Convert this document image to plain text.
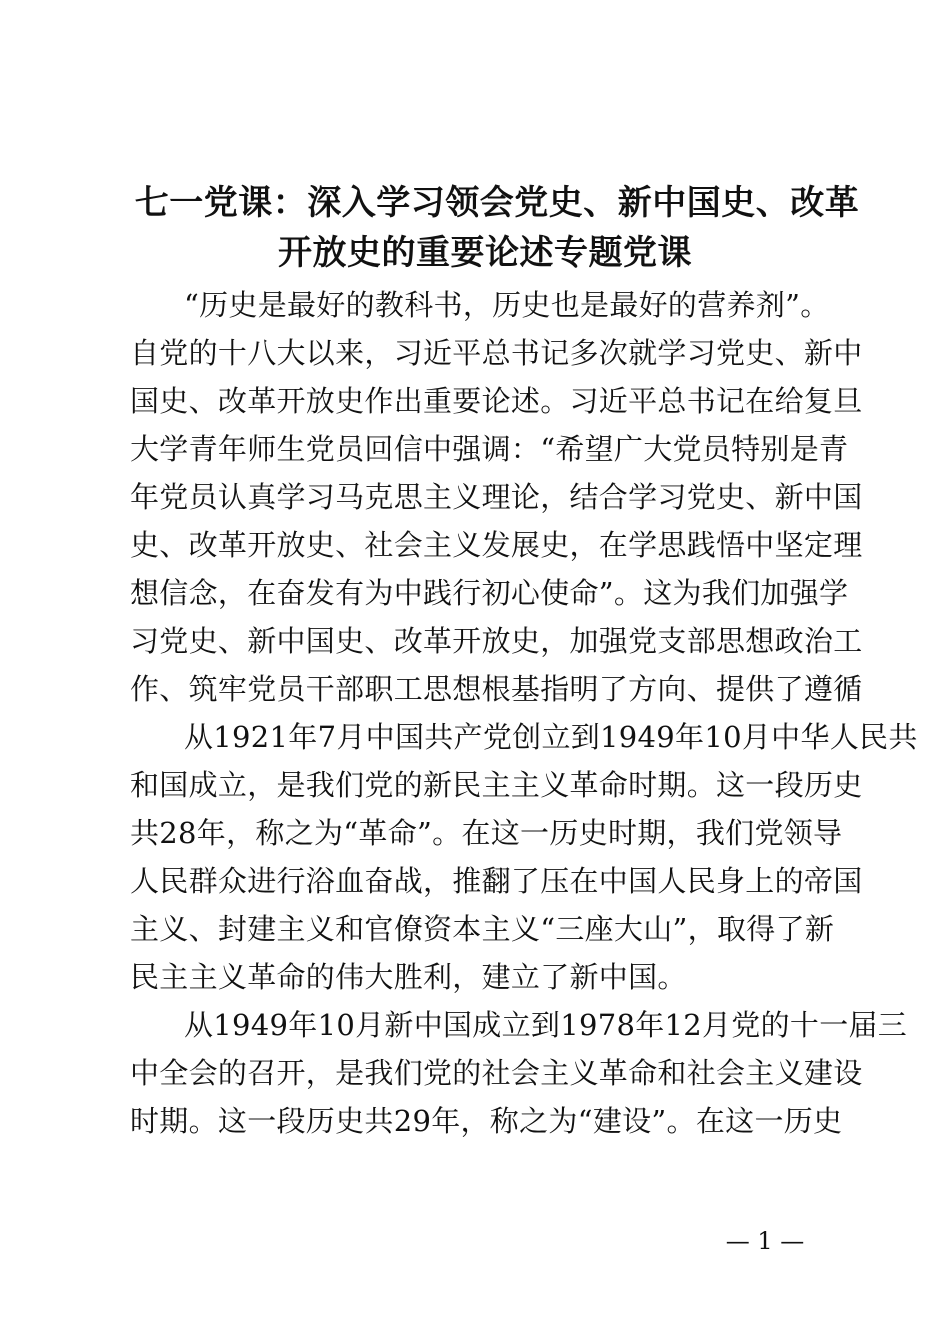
七一党课：深入学习领会党史、新中国史、改革
开放史的重要论述专题党课
“历史是最好的教科书，历史也是最好的营养剂”。
自党的十八大以来，习近平总书记多次就学习党史、新中
国史、改革开放史作出重要论述。习近平总书记在给复旦
大学青年师生党员回信中强调：“希望广大党员特别是青
年党员认真学习马克思主义理论，结合学习党史、新中国
史、改革开放史、社会主义发展史，在学思践悟中坚定理
想信念，在奋发有为中践行初心使命”。这为我们加强学
习党史、新中国史、改革开放史，加强党支部思想政治工
作、筑牢党员干部职工思想根基指明了方向、提供了遵循
从1921年7月中国共产党创立到1949年10月中华人民共
和国成立，是我们党的新民主主义革命时期。这一段历史
共28年，称之为“革命”。在这一历史时期，我们党领导
人民群众进行浴血奋战，推翻了压在中国人民身上的帝国
主义、封建主义和官僚资本主义“三座大山”，取得了新
民主主义革命的伟大胜利，建立了新中国。
从1949年10月新中国成立到1978年12月党的十一届三
中全会的召开，是我们党的社会主义革命和社会主义建设
时期。这一段历史共29年，称之为“建设”。在这一历史
— 1 —
